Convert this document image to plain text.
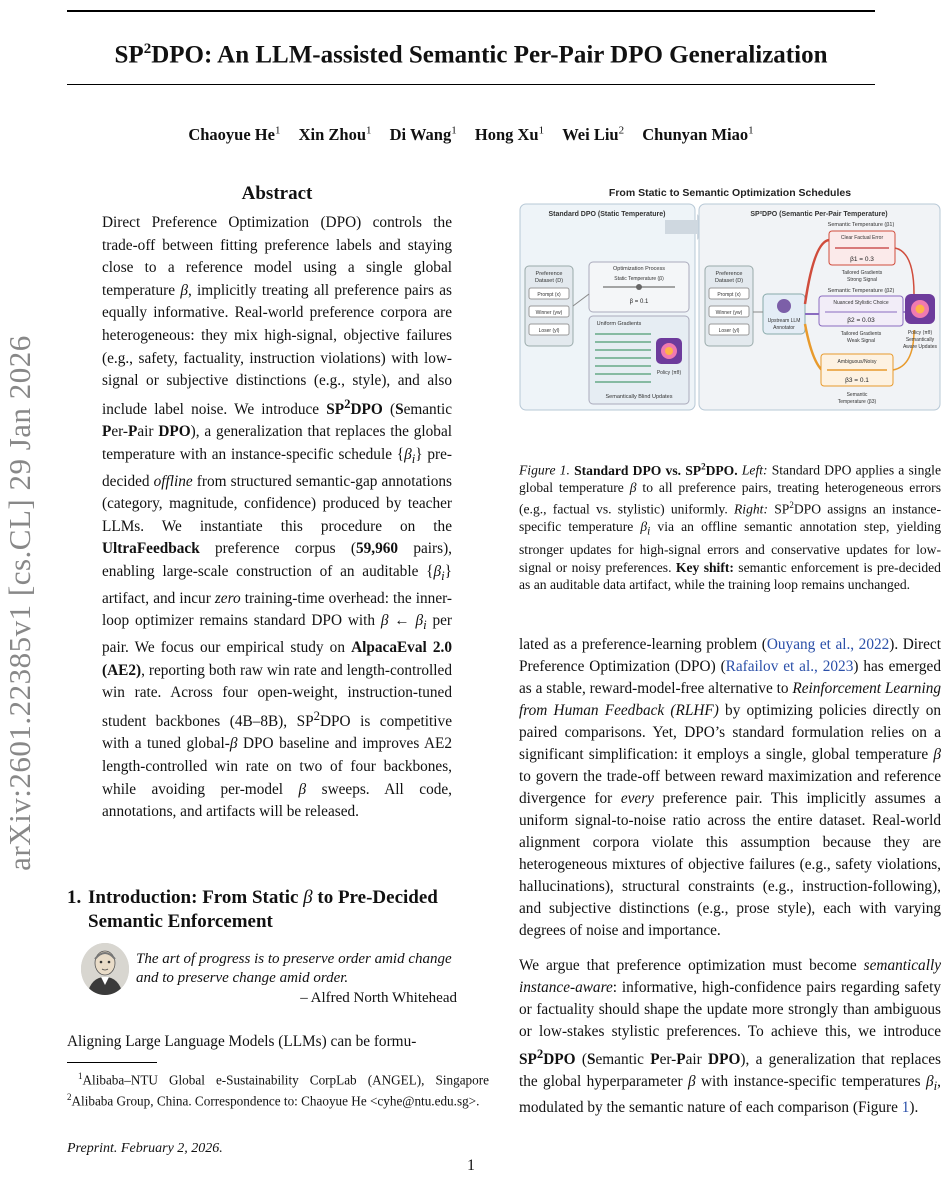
$SP^2DPO$: An LLM-assisted Semantic Per-Pair DPO Generalization
Chaoyue He$^1$ Xin Zhou$^1$ Di Wang$^1$ Hong Xu$^1$ Wei Liu$^2$ Chunyan Miao$^1$
arXiv:2601.22385v1 [cs.CL] 29 Jan 2026
Abstract

Direct Preference Optimization (DPO) controls the trade-off between fitting preference labels and staying close to a reference model using a single global temperature β, implicitly treating all preference pairs as equally informative. Real-world preference corpora are heterogeneous: they mix high-signal, objective failures (e.g., safety, factuality, instruction violations) with low-signal or subjective distinctions (e.g., style), and also include label noise. We introduce $SP^2DPO$ (Semantic Per-Pair DPO), a generalization that replaces the global temperature with an instance-specific schedule $\{\beta_i\}$ pre-decided offline from structured semantic-gap annotations (category, magnitude, confidence) produced by teacher LLMs. We instantiate this procedure on the UltraFeedback preference corpus (59,960 pairs), enabling large-scale construction of an auditable $\{\beta_i\}$ artifact, and incur zero training-time overhead: the inner-loop optimizer remains standard DPO with β ← $\beta_i$ per pair. We focus our empirical study on AlpacaEval 2.0 (AE2), reporting both raw win rate and length-controlled win rate. Across four open-weight, instruction-tuned student backbones (4B–8B), $SP^2DPO$ is competitive with a tuned global-β DPO baseline and improves AE2 length-controlled win rate on two of four backbones, while avoiding per-model β sweeps. All code, annotations, and artifacts will be released.

1. Introduction: From Static β to Pre-Decided
Semantic Enforcement
The art of progress is to preserve order amid change and to preserve change amid order.
– Alfred North Whitehead
Aligning Large Language Models (LLMs) can be formu-

$^1$Alibaba–NTU Global e-Sustainability CorpLab (ANGEL), Singapore $^2$Alibaba Group, China. Correspondence to: Chaoyue He <cyhe@ntu.edu.sg>.

Preprint. February 2, 2026.
1
From Static to Semantic Optimization Schedules
Standard DPO (Static Temperature)
Preference
Dataset (D)
Prompt (x)
Winner (yw)
Loser (yl)
Optimization Process
Static Temperature (β)
β = 0.1
Uniform Gradients
Policy (πθ)
Semantically Blind Updates
SP²DPO (Semantic Per-Pair Temperature)
Preference
Dataset (D)
Prompt (x)
Winner (yw)
Loser (yl)
Upstream LLM
Annotator
Semantic Temperature (β1)
Clear Factual Error
β1 = 0.3
Tailored Gradients
Strong Signal
Semantic Temperature (β2)
Nuanced Stylistic Choice
β2 = 0.03
Tailored Gradients
Weak Signal
Ambiguous/Noisy
β3 = 0.1
Semantic
Temperature (β3)
Policy (πθ)
Semantically
Aware Updates

Figure 1. Standard DPO vs. $SP^2DPO$. Left: Standard DPO applies a single global temperature β to all preference pairs, treating heterogeneous errors (e.g., factual vs. stylistic) uniformly. Right: $SP^2DPO$ assigns an instance-specific temperature $\beta_i$ via an offline semantic annotation step, yielding stronger updates for high-signal errors and conservative updates for low-signal or noisy preferences. Key shift: semantic enforcement is pre-decided as an auditable data artifact, while the training loop remains unchanged.

lated as a preference-learning problem (Ouyang et al., 2022). Direct Preference Optimization (DPO) (Rafailov et al., 2023) has emerged as a stable, reward-model-free alternative to Reinforcement Learning from Human Feedback (RLHF) by optimizing policies directly on paired comparisons. Yet, DPO’s standard formulation relies on a significant simplification: it employs a single, global temperature β to govern the trade-off between reward maximization and reference divergence for every preference pair. This implicitly assumes a uniform signal-to-noise ratio across the entire dataset. Real-world alignment corpora violate this assumption because they are heterogeneous mixtures of objective failures (e.g., safety violations, hallucinations), structural constraints (e.g., instruction-following), and subjective distinctions (e.g., prose style), each with varying degrees of noise and importance.

We argue that preference optimization must become semantically instance-aware: informative, high-confidence pairs regarding safety or factuality should shape the update more strongly than ambiguous or low-stakes stylistic preferences. To achieve this, we introduce $SP^2DPO$ (Semantic Per-Pair DPO), a generalization that replaces the global hyperparameter β with instance-specific temperatures $\beta_i$, modulated by the semantic nature of each comparison (Figure 1).
